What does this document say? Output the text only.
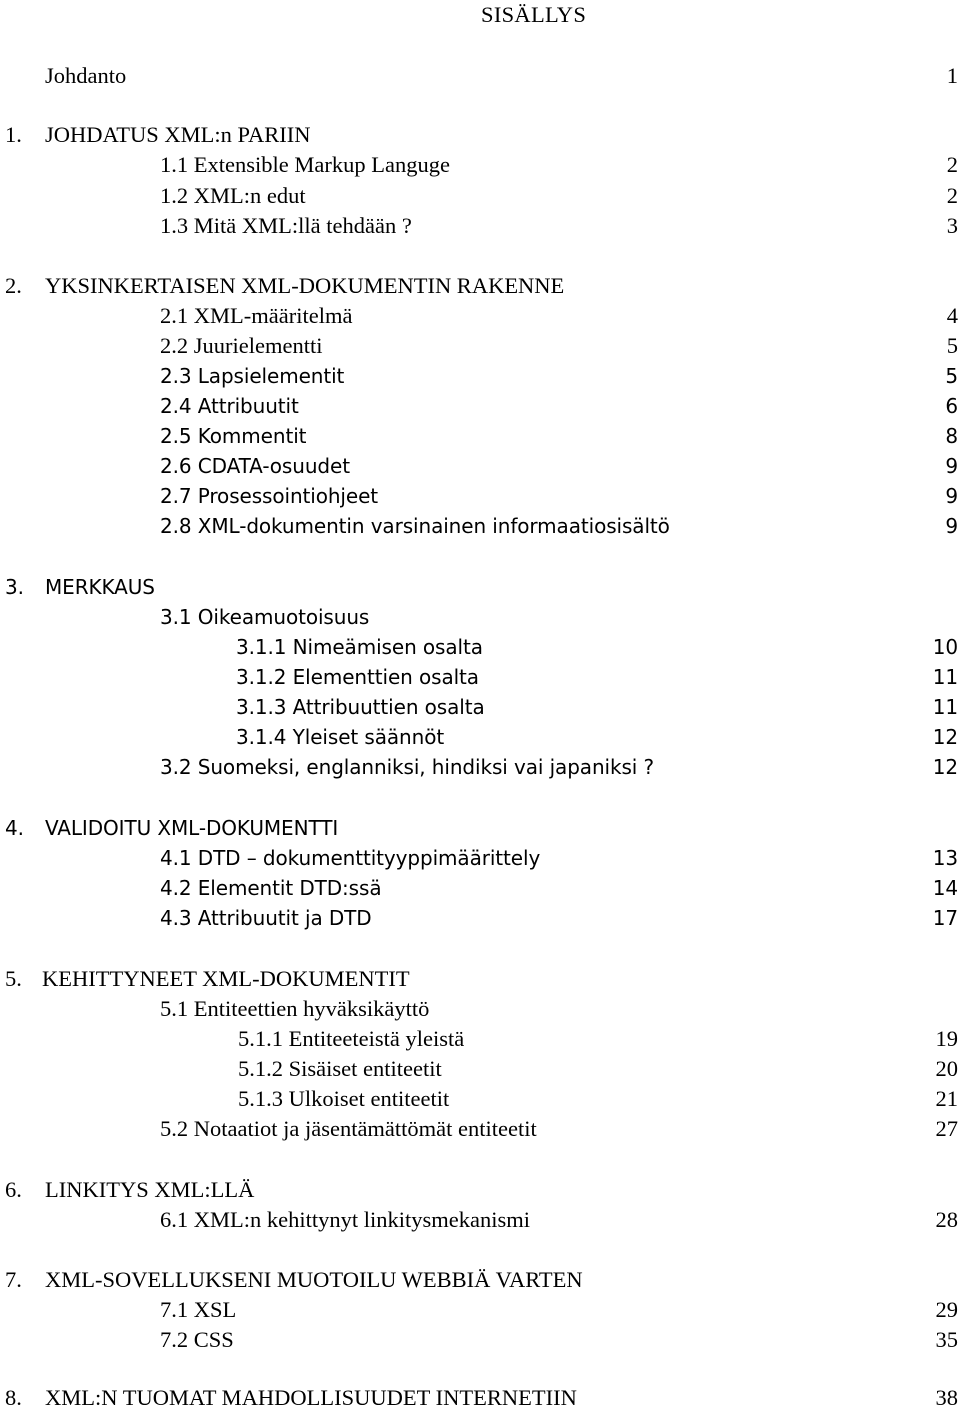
SISÄLLYS
Johdanto	1
1. JOHDATUS XML:n PARIIN
1.1 Extensible Markup Languge	2
1.2 XML:n edut	2
1.3 Mitä XML:llä tehdään ?	3
2. YKSINKERTAISEN XML-DOKUMENTIN RAKENNE
2.1 XML-määritelmä	4
2.2 Juurielementti	5
2.3 Lapsielementit	5
2.4 Attribuutit	6
2.5 Kommentit	8
2.6 CDATA-osuudet	9
2.7 Prosessointiohjeet	9
2.8 XML-dokumentin varsinainen informaatiosisältö	9
3. MERKKAUS
3.1 Oikeamuotoisuus
3.1.1 Nimeämisen osalta	10
3.1.2 Elementtien osalta	11
3.1.3 Attribuuttien osalta	11
3.1.4 Yleiset säännöt	12
3.2 Suomeksi, englanniksi, hindiksi vai japaniksi ?	12
4. VALIDOITU XML-DOKUMENTTI
4.1 DTD – dokumenttityyppimäärittely	13
4.2 Elementit DTD:ssä	14
4.3 Attribuutit ja DTD	17
5. KEHITTYNEET XML-DOKUMENTIT
5.1 Entiteettien hyväksikäyttö
5.1.1 Entiteeteistä yleistä	19
5.1.2 Sisäiset entiteetit	20
5.1.3 Ulkoiset entiteetit	21
5.2 Notaatiot ja jäsentämättömät entiteetit	27
6. LINKITYS XML:LLÄ
6.1 XML:n kehittynyt linkitysmekanismi	28
7. XML-SOVELLUKSENI MUOTOILU WEBBIÄ VARTEN
7.1 XSL	29
7.2 CSS	35
8. XML:N TUOMAT MAHDOLLISUUDET INTERNETIIN	38
